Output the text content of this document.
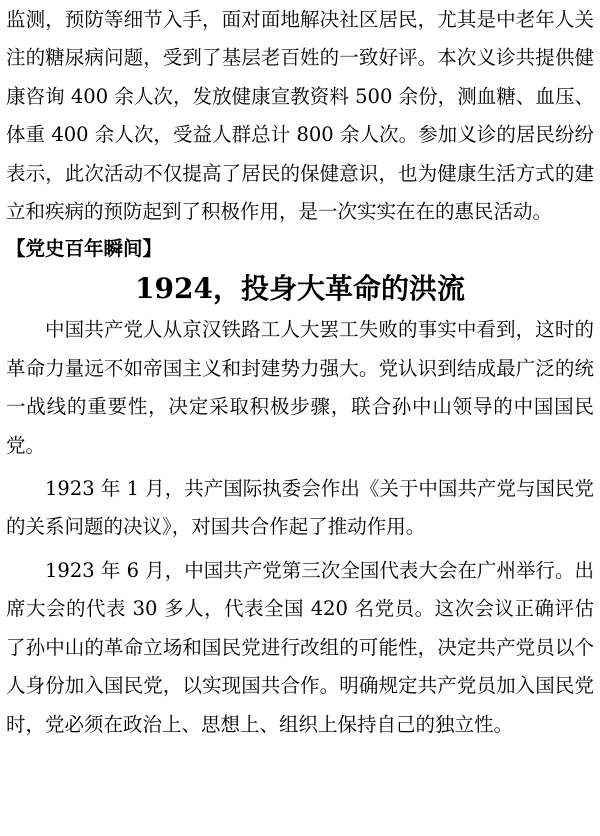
监测，预防等细节入手，面对面地解决社区居民，尤其是中老年人关注的糖尿病问题，受到了基层老百姓的一致好评。本次义诊共提供健康咨询 400 余人次，发放健康宣教资料 500 余份，测血糖、血压、体重 400 余人次，受益人群总计 800 余人次。参加义诊的居民纷纷表示，此次活动不仅提高了居民的保健意识，也为健康生活方式的建立和疾病的预防起到了积极作用，是一次实实在在的惠民活动。

【党史百年瞬间】

1924，投身大革命的洪流

中国共产党人从京汉铁路工人大罢工失败的事实中看到，这时的革命力量远不如帝国主义和封建势力强大。党认识到结成最广泛的统一战线的重要性，决定采取积极步骤，联合孙中山领导的中国国民党。

1923 年 1 月，共产国际执委会作出《关于中国共产党与国民党的关系问题的决议》，对国共合作起了推动作用。

1923 年 6 月，中国共产党第三次全国代表大会在广州举行。出席大会的代表 30 多人，代表全国 420 名党员。这次会议正确评估了孙中山的革命立场和国民党进行改组的可能性，决定共产党员以个人身份加入国民党，以实现国共合作。明确规定共产党员加入国民党时，党必须在政治上、思想上、组织上保持自己的独立性。
